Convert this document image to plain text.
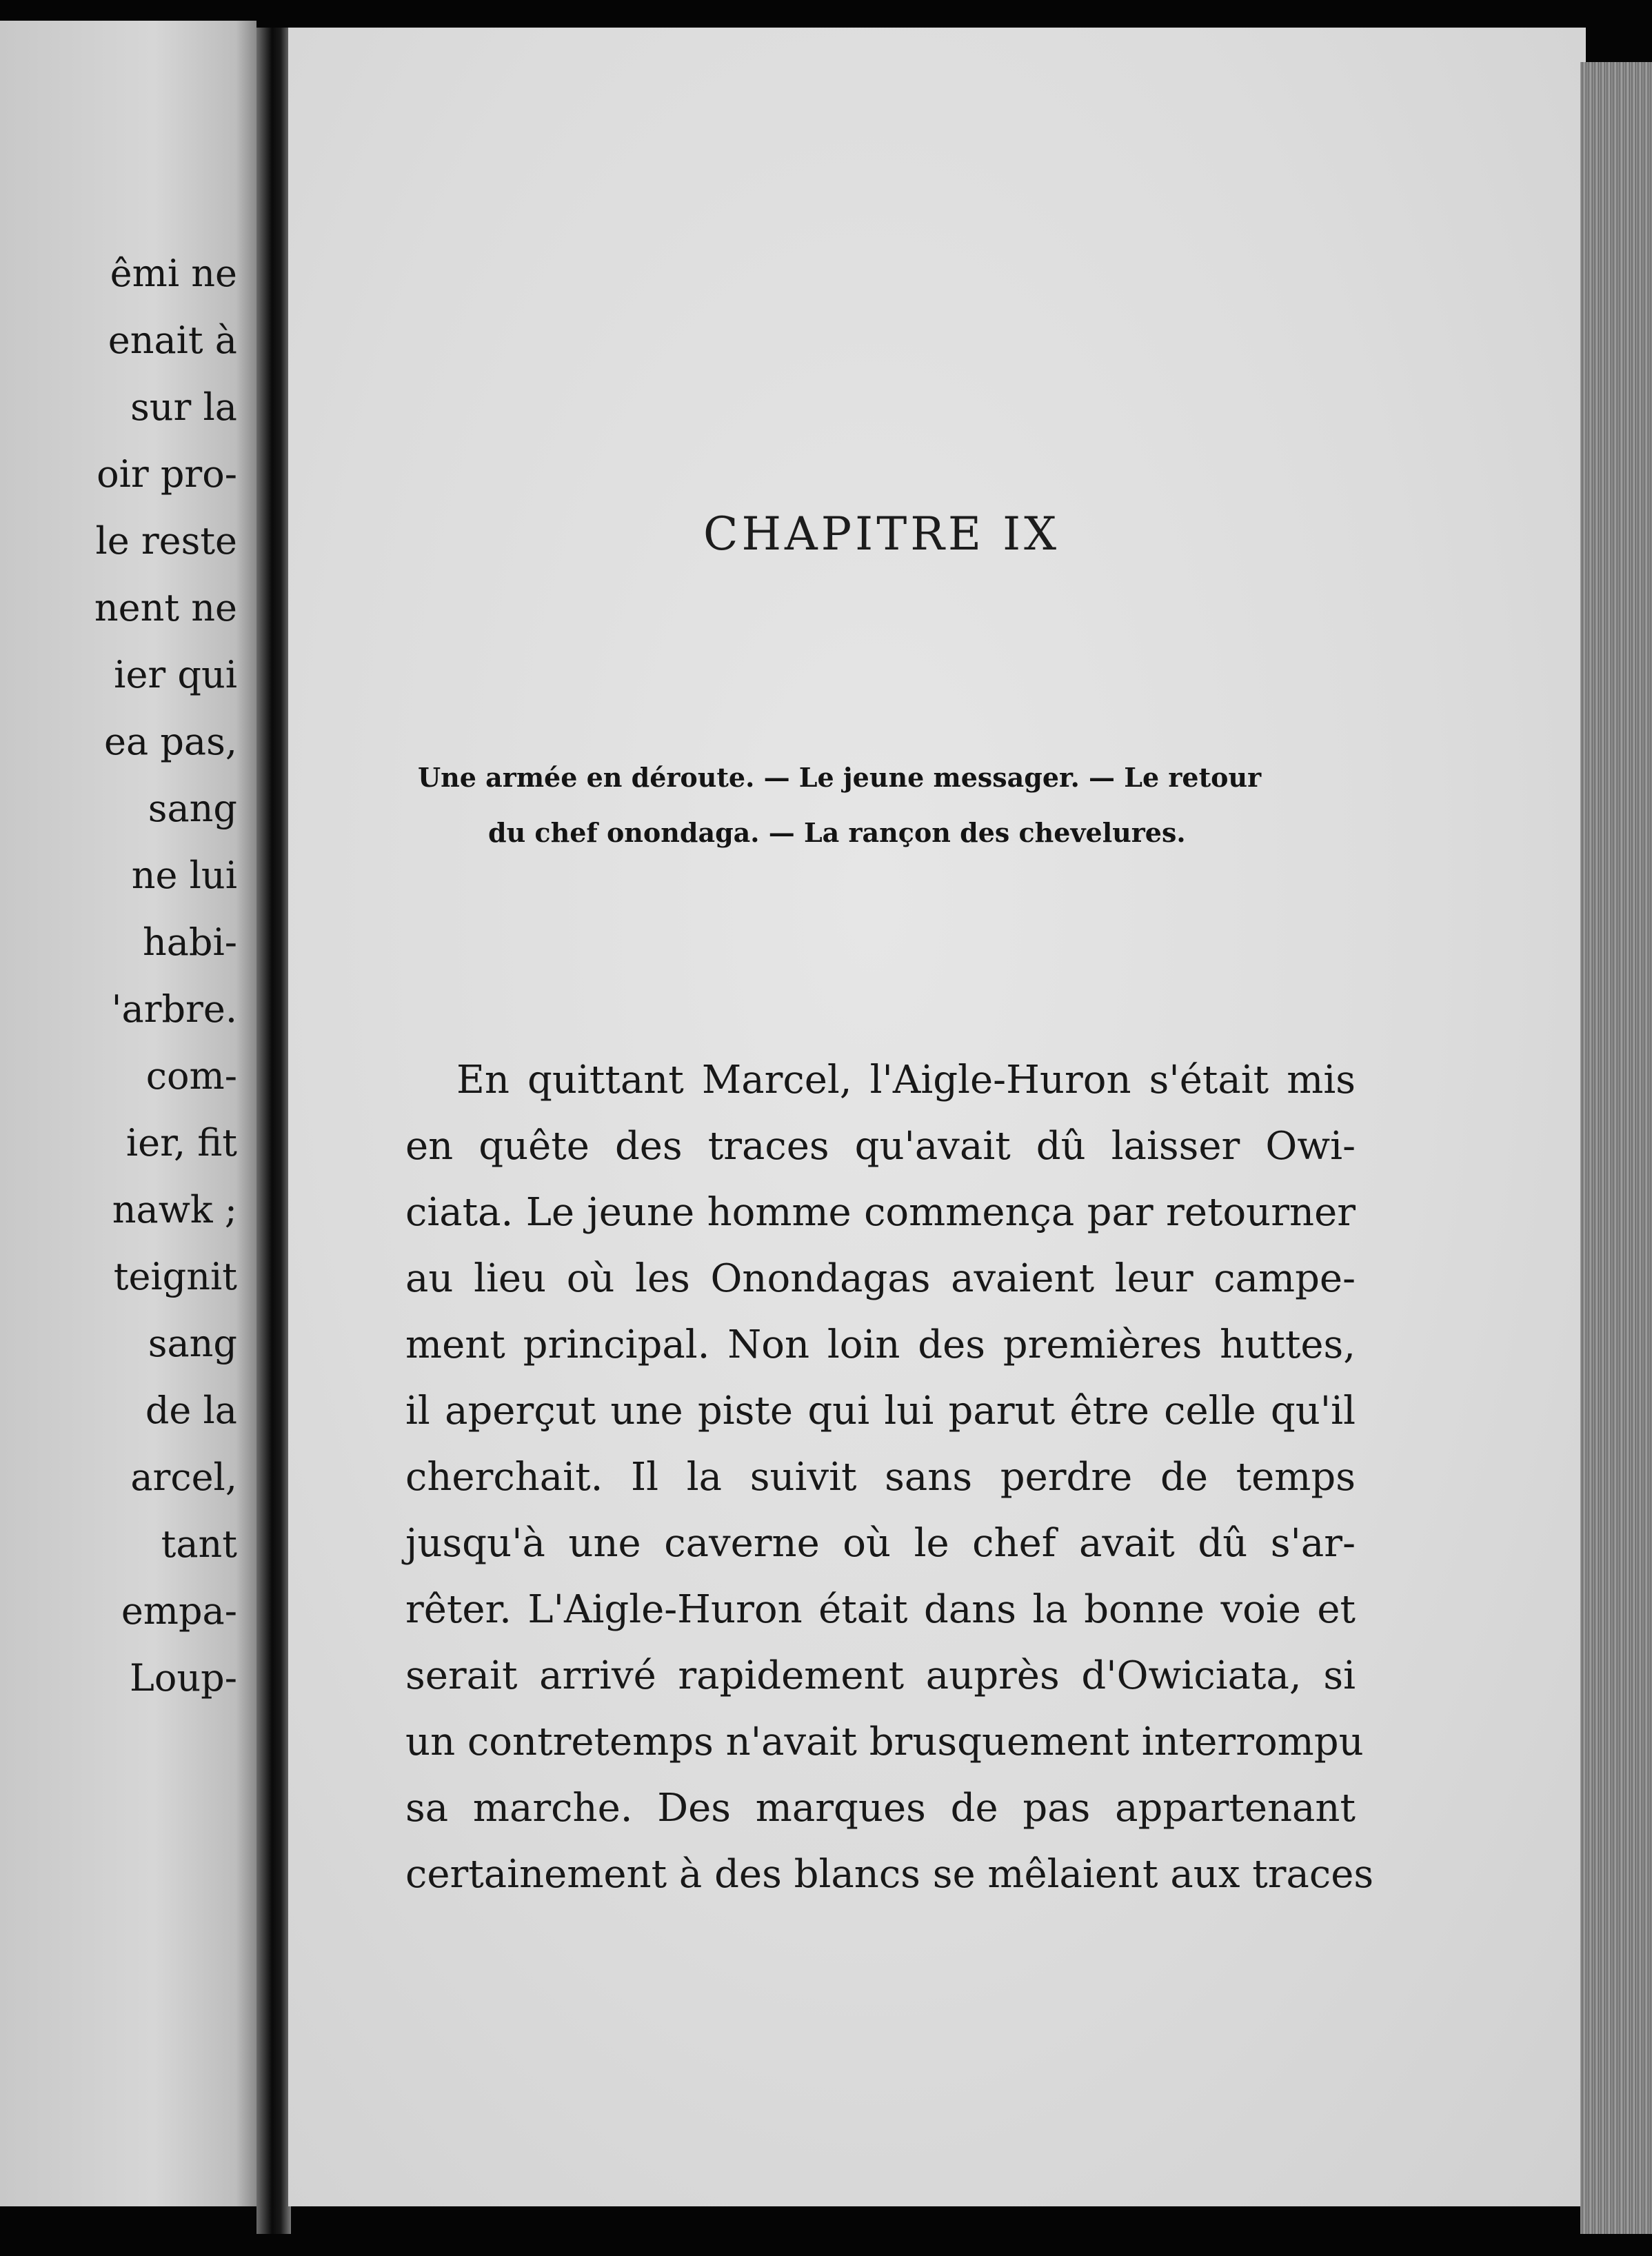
êmi ne

enait à

sur la

oir pro-

le reste

nent ne

ier qui

ea pas,

sang

ne lui

habi-

'arbre.

com-

ier, fit

nawk ;

teignit

sang

de la

arcel,

tant

empa-

Loup-

CHAPITRE IX

Une armée en déroute. — Le jeune messager. — Le retour

du chef onondaga. — La rançon des chevelures.

En quittant Marcel, l'Aigle-Huron s'était mis

en quête des traces qu'avait dû laisser Owi-

ciata. Le jeune homme commença par retourner

au lieu où les Onondagas avaient leur campe-

ment principal. Non loin des premières huttes,

il aperçut une piste qui lui parut être celle qu'il

cherchait. Il la suivit sans perdre de temps

jusqu'à une caverne où le chef avait dû s'ar-

rêter. L'Aigle-Huron était dans la bonne voie et

serait arrivé rapidement auprès d'Owiciata, si

un contretemps n'avait brusquement interrompu

sa marche. Des marques de pas appartenant

certainement à des blancs se mêlaient aux traces
